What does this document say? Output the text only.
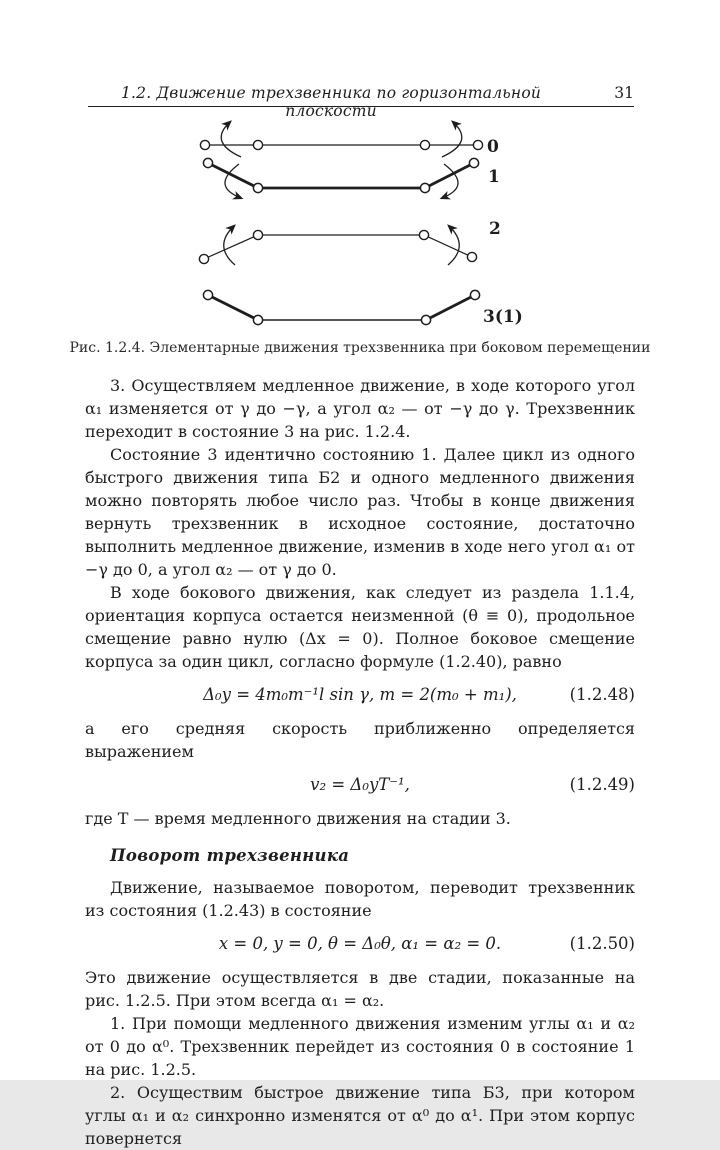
1.2. Движение трехзвенника по горизонтальной плоскости
31
0
1
2
3(1)
Рис. 1.2.4. Элементарные движения трехзвенника при боковом перемещении

3. Осуществляем медленное движение, в ходе которого угол α₁ изменяется от γ до −γ, а угол α₂ — от −γ до γ. Трехзвенник переходит в состояние 3 на рис. 1.2.4.

Состояние 3 идентично состоянию 1. Далее цикл из одного быстрого движения типа Б2 и одного медленного движения можно повторять любое число раз. Чтобы в конце движения вернуть трехзвенник в исходное состояние, достаточно выполнить медленное движение, изменив в ходе него угол α₁ от −γ до 0, а угол α₂ — от γ до 0.

В ходе бокового движения, как следует из раздела 1.1.4, ориентация корпуса остается неизменной (θ ≡ 0), продольное смещение равно нулю (Δx = 0). Полное боковое смещение корпуса за один цикл, согласно формуле (1.2.40), равно

Δ₀y = 4m₀m⁻¹l sin γ, m = 2(m₀ + m₁),	(1.2.48)

а его средняя скорость приближенно определяется выражением

v₂ = Δ₀yT⁻¹,	(1.2.49)

где T — время медленного движения на стадии 3.

Поворот трехзвенника

Движение, называемое поворотом, переводит трехзвенник из состояния (1.2.43) в состояние

x = 0, y = 0, θ = Δ₀θ, α₁ = α₂ = 0.	(1.2.50)

Это движение осуществляется в две стадии, показанные на рис. 1.2.5. При этом всегда α₁ = α₂.

1. При помощи медленного движения изменим углы α₁ и α₂ от 0 до α⁰. Трехзвенник перейдет из состояния 0 в состояние 1 на рис. 1.2.5.

2. Осуществим быстрое движение типа Б3, при котором углы α₁ и α₂ синхронно изменятся от α⁰ до α¹. При этом корпус повернется
